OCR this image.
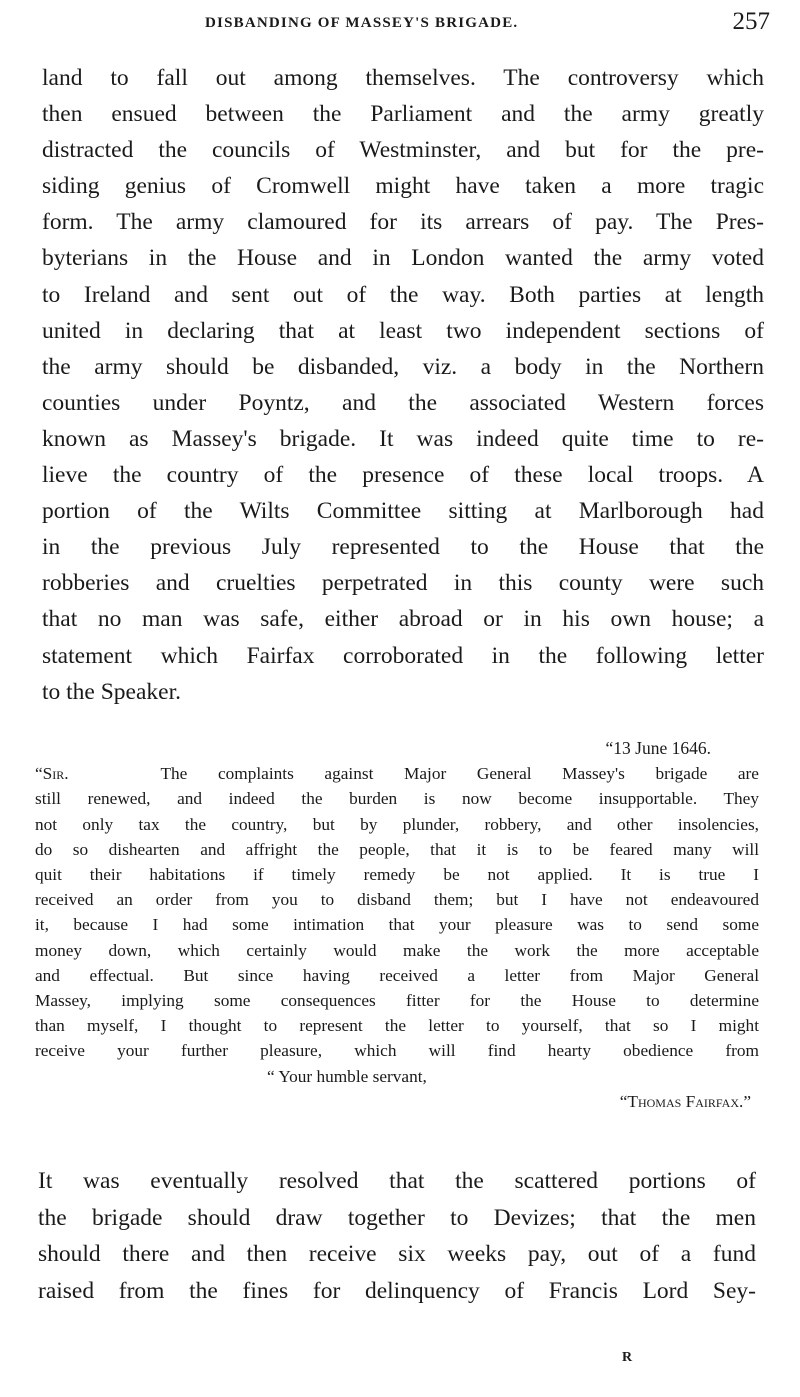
DISBANDING OF MASSEY'S BRIGADE.	257
land to fall out among themselves. The controversy which
then ensued between the Parliament and the army greatly
distracted the councils of Westminster, and but for the pre-
siding genius of Cromwell might have taken a more tragic
form. The army clamoured for its arrears of pay. The Pres-
byterians in the House and in London wanted the army voted
to Ireland and sent out of the way. Both parties at length
united in declaring that at least two independent sections of
the army should be disbanded, viz. a body in the Northern
counties under Poyntz, and the associated Western forces
known as Massey's brigade. It was indeed quite time to re-
lieve the country of the presence of these local troops. A
portion of the Wilts Committee sitting at Marlborough had
in the previous July represented to the House that the
robberies and cruelties perpetrated in this county were such
that no man was safe, either abroad or in his own house; a
statement which Fairfax corroborated in the following letter
to the Speaker.
“13 June 1646.
“Sir.	The complaints against Major General Massey's brigade are
still renewed, and indeed the burden is now become insupportable. They
not only tax the country, but by plunder, robbery, and other insolencies,
do so dishearten and affright the people, that it is to be feared many will
quit their habitations if timely remedy be not applied. It is true I
received an order from you to disband them; but I have not endeavoured
it, because I had some intimation that your pleasure was to send some
money down, which certainly would make the work the more acceptable
and effectual. But since having received a letter from Major General
Massey, implying some consequences fitter for the House to determine
than myself, I thought to represent the letter to yourself, that so I might
receive your further pleasure, which will find hearty obedience from
“ Your humble servant,
“Thomas Fairfax.”
It was eventually resolved that the scattered portions of
the brigade should draw together to Devizes; that the men
should there and then receive six weeks pay, out of a fund
raised from the fines for delinquency of Francis Lord Sey-
R
